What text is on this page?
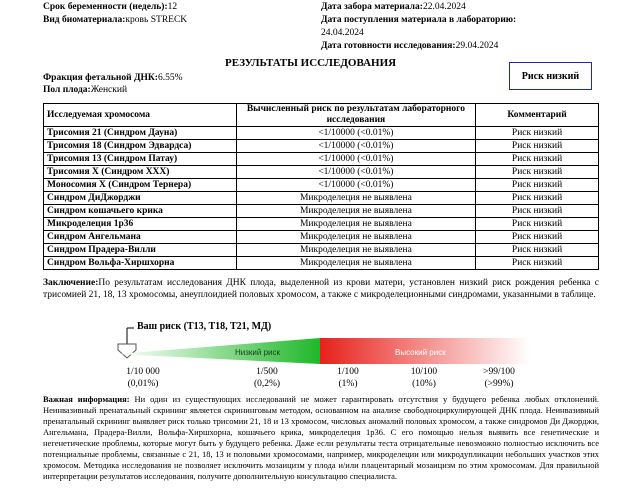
Срок беременности (недель):12
Вид биоматериала:кровь STRECK
Дата забора материала:22.04.2024
Дата поступления материала в лабораторию:
24.04.2024
Дата готовности исследования:29.04.2024
РЕЗУЛЬТАТЫ ИССЛЕДОВАНИЯ
Риск низкий
Фракция фетальной ДНК:6.55%
Пол плода:Женский
Исследуемая хромосома	Вычисленный риск по результатам лабораторного исследования	Комментарий
Трисомия 21 (Синдром Дауна)	<1/10000 (<0.01%)	Риск низкий
Трисомия 18 (Синдром Эдвардса)	<1/10000 (<0.01%)	Риск низкий
Трисомия 13 (Синдром Патау)	<1/10000 (<0.01%)	Риск низкий
Трисомия X (Синдром XXX)	<1/10000 (<0.01%)	Риск низкий
Моносомия X (Синдром Тернера)	<1/10000 (<0.01%)	Риск низкий
Синдром ДиДжорджи	Микроделеция не выявлена	Риск низкий
Синдром кошачьего крика	Микроделеция не выявлена	Риск низкий
Микроделеция 1p36	Микроделеция не выявлена	Риск низкий
Синдром Ангельмана	Микроделеция не выявлена	Риск низкий
Синдром Прадера-Вилли	Микроделеция не выявлена	Риск низкий
Синдром Вольфа-Хиршхорна	Микроделеция не выявлена	Риск низкий
Заключение:По результатам исследования ДНК плода, выделенной из крови матери, установлен низкий риск рождения ребенка с трисомией 21, 18, 13 хромосомы, анеуплоидией половых хромосом, а также с микроделеционными синдромами, указанными в таблице.
Низкий риск	Высокий риск
Ваш риск (T13, T18, T21, МД)
1/10 000
(0,01%)
1/500
(0,2%)
1/100
(1%)
10/100
(10%)
>99/100
(>99%)
Важная информация: Ни один из существующих исследований не может гарантировать отсутствия у будущего ребенка любых отклонений. Неинвазивный пренатальный скрининг является скрининговым методом, основанном на анализе свободноциркулирующей ДНК плода. Неинвазивный пренатальный скрининг выявляет риск только трисомии 21, 18 и 13 хромосом, числовых аномалий половых хромосом, а также синдромов Ди Джорджи, Ангельмана, Прадера-Вилли, Вольфа-Хиршхорна, кошачьего крика, микроделеция 1p36. С его помощью нельзя выявить все генетические и негенетические проблемы, которые могут быть у будущего ребенка. Даже если результаты теста отрицательные невозможно полностью исключить все потенциальные проблемы, связанные с 21, 18, 13 и половыми хромосомами, например, микроделеции или микродупликации небольших участков этих хромосом. Методика исследования не позволяет исключить мозаицизм у плода и/или плацентарный мозаицизм по этим хромосомам. Для правильной интерпретации результатов исследования, получите дополнительную консультацию специалиста.
